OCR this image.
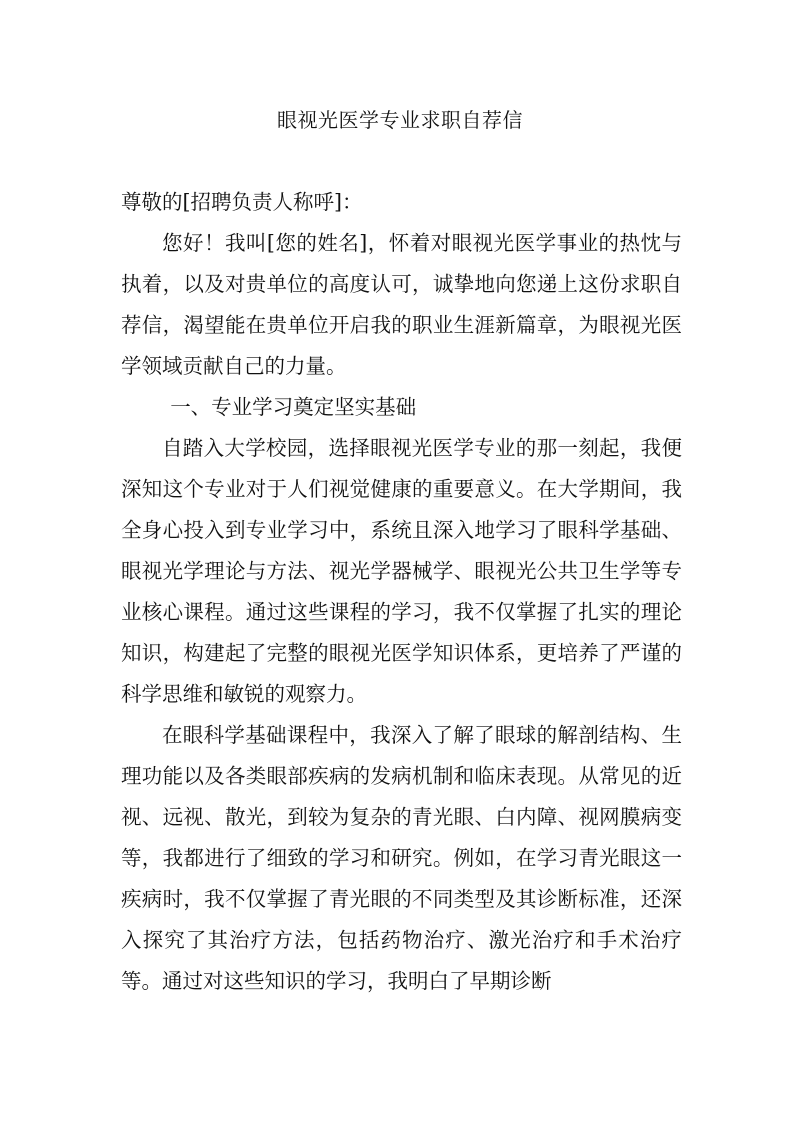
眼视光医学专业求职自荐信

尊敬的[招聘负责人称呼]：

您好！我叫[您的姓名]，怀着对眼视光医学事业的热忱与执着，以及对贵单位的高度认可，诚挚地向您递上这份求职自荐信，渴望能在贵单位开启我的职业生涯新篇章，为眼视光医学领域贡献自己的力量。

一、专业学习奠定坚实基础

自踏入大学校园，选择眼视光医学专业的那一刻起，我便深知这个专业对于人们视觉健康的重要意义。在大学期间，我全身心投入到专业学习中，系统且深入地学习了眼科学基础、眼视光学理论与方法、视光学器械学、眼视光公共卫生学等专业核心课程。通过这些课程的学习，我不仅掌握了扎实的理论知识，构建起了完整的眼视光医学知识体系，更培养了严谨的科学思维和敏锐的观察力。

在眼科学基础课程中，我深入了解了眼球的解剖结构、生理功能以及各类眼部疾病的发病机制和临床表现。从常见的近视、远视、散光，到较为复杂的青光眼、白内障、视网膜病变等，我都进行了细致的学习和研究。例如，在学习青光眼这一疾病时，我不仅掌握了青光眼的不同类型及其诊断标准，还深入探究了其治疗方法，包括药物治疗、激光治疗和手术治疗等。通过对这些知识的学习，我明白了早期诊断
